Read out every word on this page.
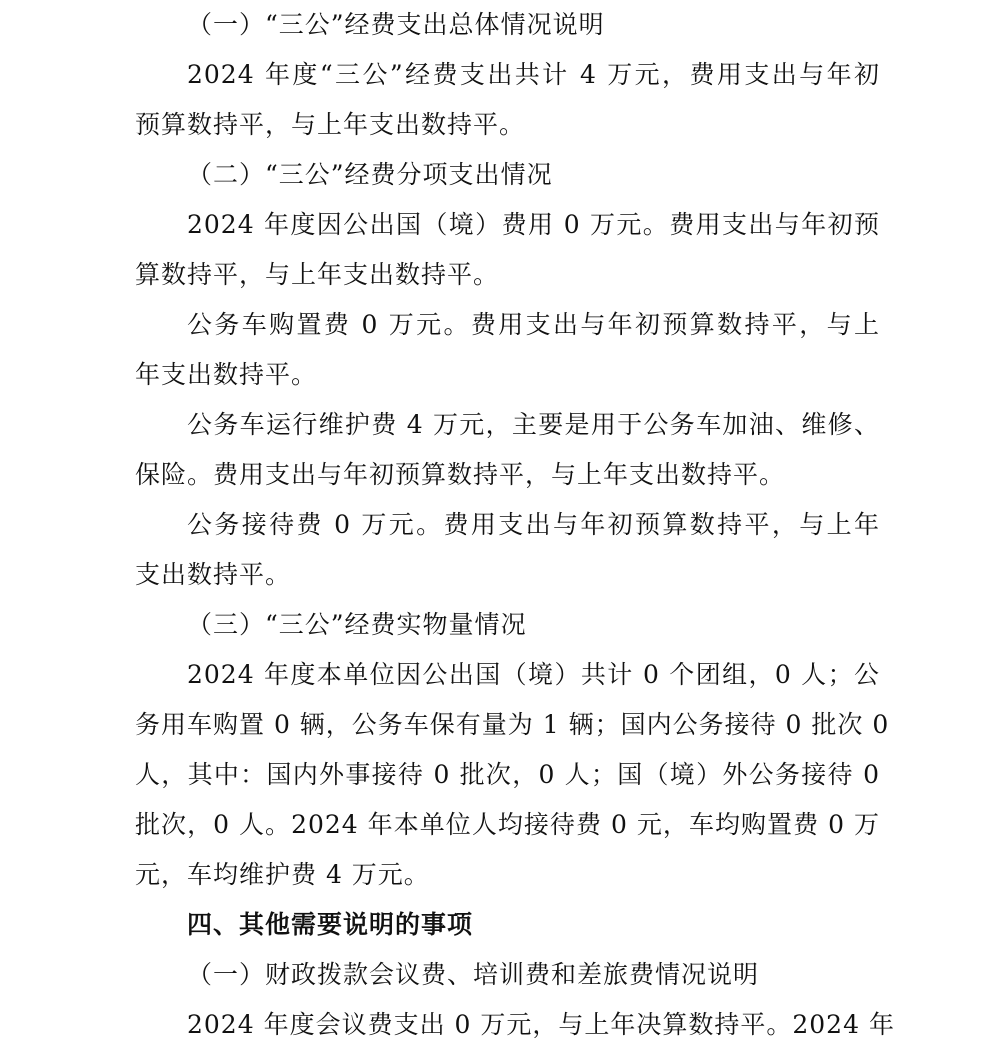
（一）“三公”经费支出总体情况说明
2024 年度“三公”经费支出共计 4 万元，费用支出与年初
预算数持平，与上年支出数持平。
（二）“三公”经费分项支出情况
2024 年度因公出国（境）费用 0 万元。费用支出与年初预
算数持平，与上年支出数持平。
公务车购置费 0 万元。费用支出与年初预算数持平，与上
年支出数持平。
公务车运行维护费 4 万元，主要是用于公务车加油、维修、
保险。费用支出与年初预算数持平，与上年支出数持平。
公务接待费 0 万元。费用支出与年初预算数持平，与上年
支出数持平。
（三）“三公”经费实物量情况
2024 年度本单位因公出国（境）共计 0 个团组，0 人；公
务用车购置 0 辆，公务车保有量为 1 辆；国内公务接待 0 批次 0
人，其中：国内外事接待 0 批次，0 人；国（境）外公务接待 0
批次，0 人。2024 年本单位人均接待费 0 元，车均购置费 0 万
元，车均维护费 4 万元。
四、其他需要说明的事项
（一）财政拨款会议费、培训费和差旅费情况说明
2024 年度会议费支出 0 万元，与上年决算数持平。2024 年
